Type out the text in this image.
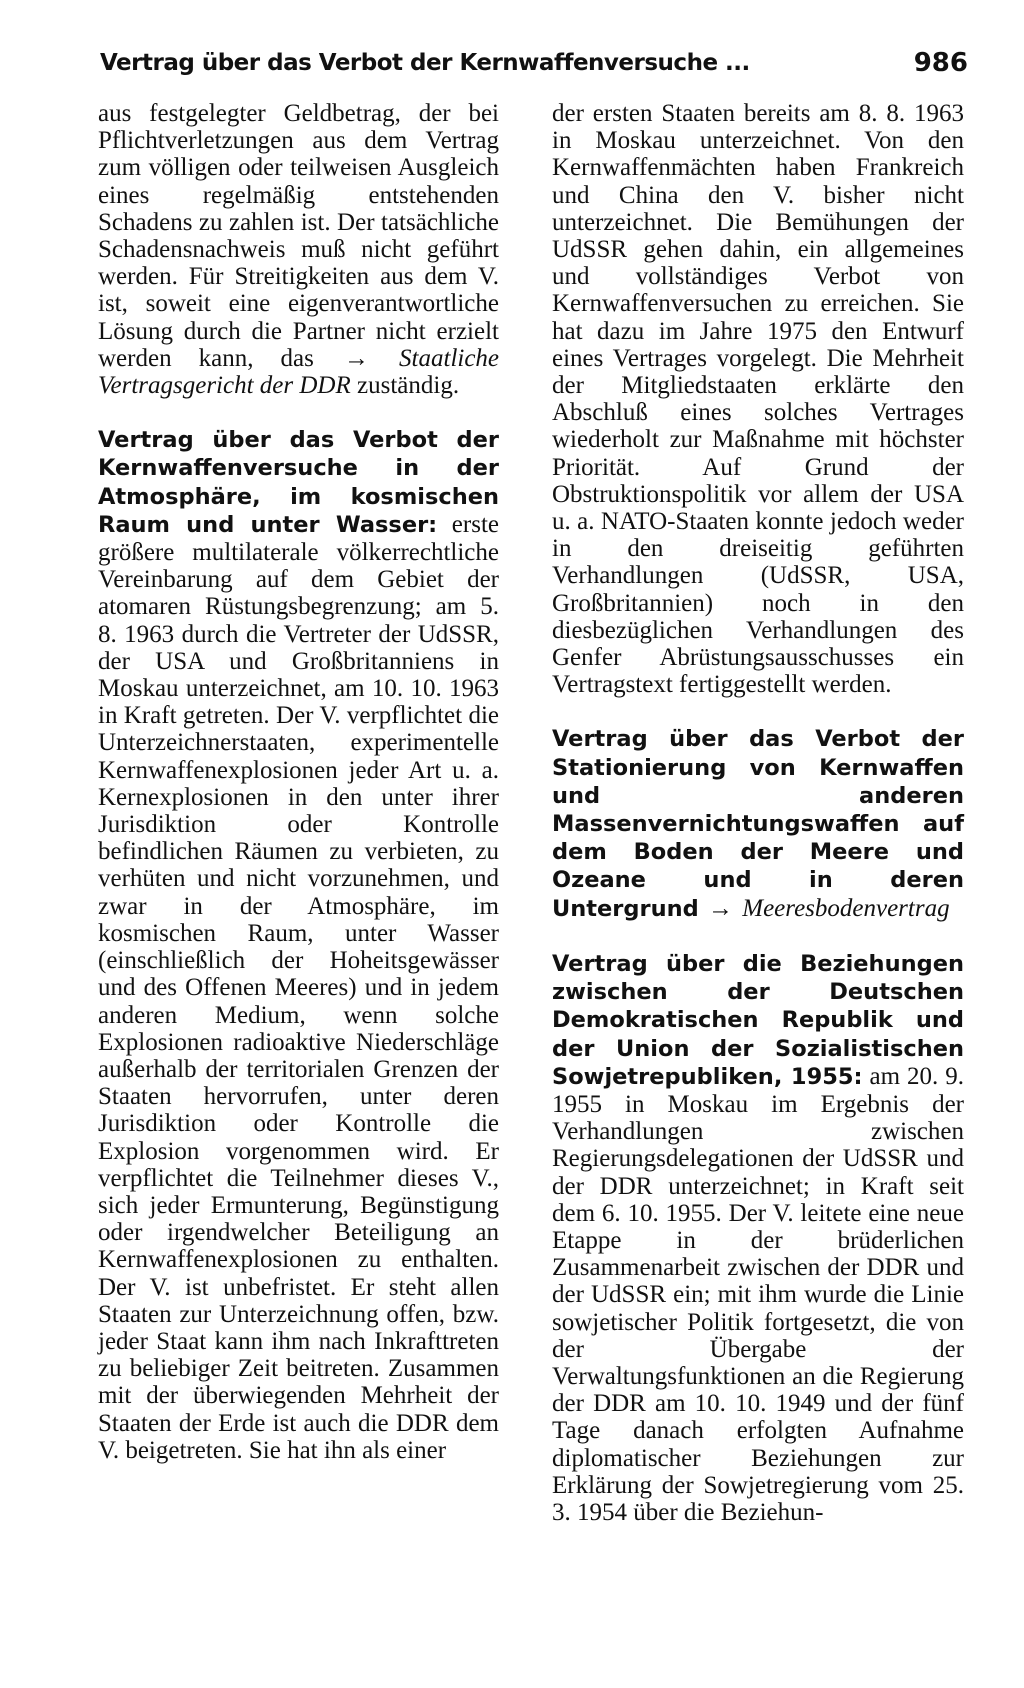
Vertrag über das Verbot der Kernwaffenversuche ...	986

aus festgelegter Geldbetrag, der bei Pflichtverletzungen aus dem Vertrag zum völligen oder teilweisen Ausgleich eines regelmäßig entstehenden Schadens zu zahlen ist. Der tatsächliche Schadensnachweis muß nicht geführt werden. Für Streitigkeiten aus dem V. ist, soweit eine eigenverantwortliche Lösung durch die Partner nicht erzielt werden kann, das → Staatliche Vertragsgericht der DDR zuständig.

Vertrag über das Verbot der Kernwaffenversuche in der Atmosphäre, im kosmischen Raum und unter Wasser: erste größere multilaterale völkerrechtliche Vereinbarung auf dem Gebiet der atomaren Rüstungsbegrenzung; am 5. 8. 1963 durch die Vertreter der UdSSR, der USA und Großbritanniens in Moskau unterzeichnet, am 10. 10. 1963 in Kraft getreten. Der V. verpflichtet die Unterzeichnerstaaten, experimentelle Kernwaffenexplosionen jeder Art u. a. Kernexplosionen in den unter ihrer Jurisdiktion oder Kontrolle befindlichen Räumen zu verbieten, zu verhüten und nicht vorzunehmen, und zwar in der Atmosphäre, im kosmischen Raum, unter Wasser (einschließlich der Hoheitsgewässer und des Offenen Meeres) und in jedem anderen Medium, wenn solche Explosionen radioaktive Niederschläge außerhalb der territorialen Grenzen der Staaten hervorrufen, unter deren Jurisdiktion oder Kontrolle die Explosion vorgenommen wird. Er verpflichtet die Teilnehmer dieses V., sich jeder Ermunterung, Begünstigung oder irgendwelcher Beteiligung an Kernwaffenexplosionen zu enthalten. Der V. ist unbefristet. Er steht allen Staaten zur Unterzeichnung offen, bzw. jeder Staat kann ihm nach Inkrafttreten zu beliebiger Zeit beitreten. Zusammen mit der überwiegenden Mehrheit der Staaten der Erde ist auch die DDR dem V. beigetreten. Sie hat ihn als einer

der ersten Staaten bereits am 8. 8. 1963 in Moskau unterzeichnet. Von den Kernwaffenmächten haben Frankreich und China den V. bisher nicht unterzeichnet. Die Bemühungen der UdSSR gehen dahin, ein allgemeines und vollständiges Verbot von Kernwaffenversuchen zu erreichen. Sie hat dazu im Jahre 1975 den Entwurf eines Vertrages vorgelegt. Die Mehrheit der Mitgliedstaaten erklärte den Abschluß eines solches Vertrages wiederholt zur Maßnahme mit höchster Priorität. Auf Grund der Obstruktionspolitik vor allem der USA u. a. NATO-Staaten konnte jedoch weder in den dreiseitig geführten Verhandlungen (UdSSR, USA, Großbritannien) noch in den diesbezüglichen Verhandlungen des Genfer Abrüstungsausschusses ein Vertragstext fertiggestellt werden.

Vertrag über das Verbot der Stationierung von Kernwaffen und anderen Massenvernichtungswaffen auf dem Boden der Meere und Ozeane und in deren Untergrund → Meeresbodenvertrag

Vertrag über die Beziehungen zwischen der Deutschen Demokratischen Republik und der Union der Sozialistischen Sowjetrepubliken, 1955: am 20. 9. 1955 in Moskau im Ergebnis der Verhandlungen zwischen Regierungsdelegationen der UdSSR und der DDR unterzeichnet; in Kraft seit dem 6. 10. 1955. Der V. leitete eine neue Etappe in der brüderlichen Zusammenarbeit zwischen der DDR und der UdSSR ein; mit ihm wurde die Linie sowjetischer Politik fortgesetzt, die von der Übergabe der Verwaltungsfunktionen an die Regierung der DDR am 10. 10. 1949 und der fünf Tage danach erfolgten Aufnahme diplomatischer Beziehungen zur Erklärung der Sowjetregierung vom 25. 3. 1954 über die Beziehun-
